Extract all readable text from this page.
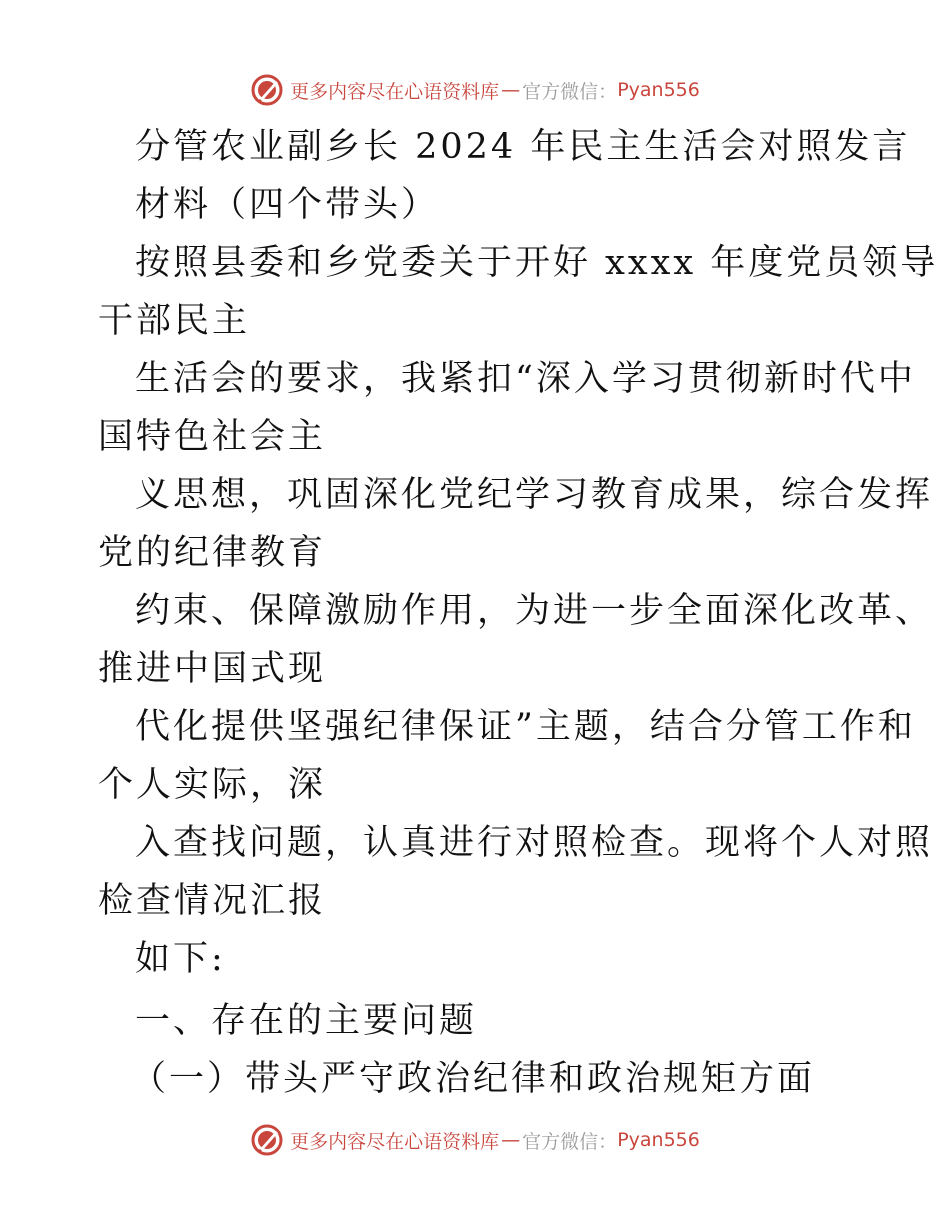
更多内容尽在心语资料库 — 官方微信： Pyan556
分管农业副乡长 2024 年民主生活会对照发言
材料（四个带头）
按照县委和乡党委关于开好 xxxx 年度党员领导
干部民主
生活会的要求，我紧扣“深入学习贯彻新时代中
国特色社会主
义思想，巩固深化党纪学习教育成果，综合发挥
党的纪律教育
约束、保障激励作用，为进一步全面深化改革、
推进中国式现
代化提供坚强纪律保证”主题，结合分管工作和
个人实际，深
入查找问题，认真进行对照检查。现将个人对照
检查情况汇报
如下:
一、存在的主要问题
（一）带头严守政治纪律和政治规矩方面
更多内容尽在心语资料库 — 官方微信： Pyan556
